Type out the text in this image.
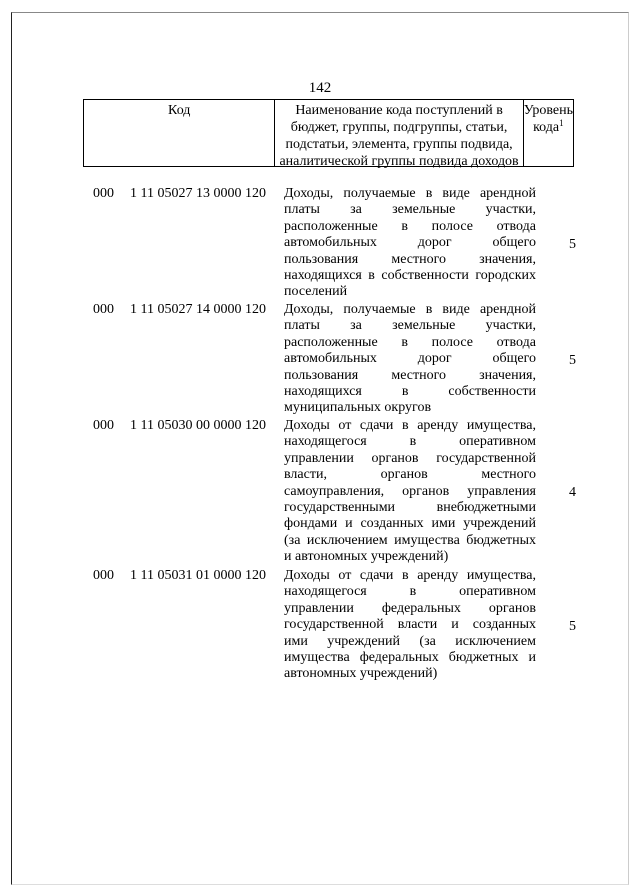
142
Код	Наименование кода поступлений в
бюджет, группы, подгруппы, статьи,
подстатьи, элемента, группы подвида,
аналитической группы подвида доходов
Уровень
кода$^1$
000 1 11 05027 13 0000 120 Доходы, получаемые в виде арендной
платы за земельные участки,
расположенные в полосе отвода
автомобильных дорог общего
пользования местного значения,
находящихся в собственности городских
поселений
5
000 1 11 05027 14 0000 120 Доходы, получаемые в виде арендной
платы за земельные участки,
расположенные в полосе отвода
автомобильных дорог общего
пользования местного значения,
находящихся в собственности
муниципальных округов
5
000 1 11 05030 00 0000 120 Доходы от сдачи в аренду имущества,
находящегося в оперативном
управлении органов государственной
власти, органов местного
самоуправления, органов управления
государственными внебюджетными
фондами и созданных ими учреждений
(за исключением имущества бюджетных
и автономных учреждений)
4
000 1 11 05031 01 0000 120 Доходы от сдачи в аренду имущества,
находящегося в оперативном
управлении федеральных органов
государственной власти и созданных
ими учреждений (за исключением
имущества федеральных бюджетных и
автономных учреждений)
5
